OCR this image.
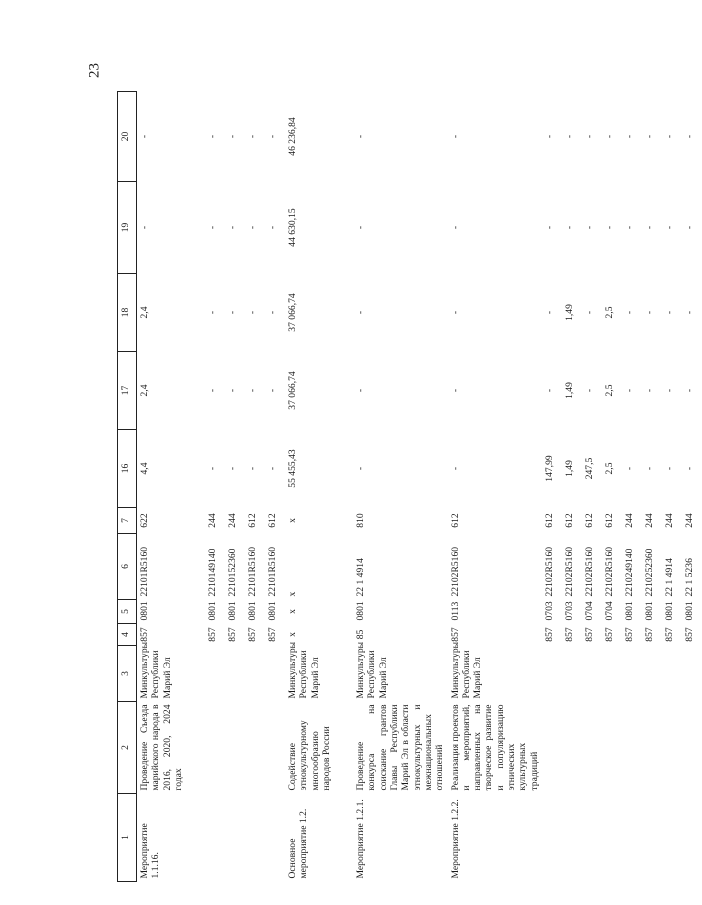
23
1	2	3	4	5	6	7	16	17	18	19	20
Мероприятие 1.1.16.	Проведение Съезда марийского народа в 2016, 2020, 2024 годах	Минкультуры Республики Марий Эл	857	0801	22101R5160	622	4,4	2,4	2,4	-	-
			857	0801	2210149140	244	-	-	-	-	-
			857	0801	2210152360	244	-	-	-	-	-
			857	0801	22101R5160	612	-	-	-	-	-
			857	0801	22101R5160	612	-	-	-	-	-
Основное мероприятие 1.2.	Содействие этнокультурному многообразию народов России	Минкультуры Республики Марий Эл	х	х	х	х	55 455,43	37 066,74	37 066,74	44 630,15	46 236,84
Мероприятие 1.2.1.	Проведение конкурса на соискание грантов Главы Республики Марий Эл в области этнокультурных и межнациональных отношений	Минкультуры Республики Марий Эл	85	0801	22 1 4914	810	-	-	-	-	-
Мероприятие 1.2.2.	Реализация проектов и мероприятий, направленных на творческое развитие и популяризацию этнических культурных традиций	Минкультуры Республики Марий Эл	857	0113	22102R5160	612	-	-	-	-	-
			857	0703	22102R5160	612	147,99	-	-	-	-
			857	0703	22102R5160	612	1,49	1,49	1,49	-	-
			857	0704	22102R5160	612	247,5	-	-	-	-
			857	0704	22102R5160	612	2,5	2,5	2,5	-	-
			857	0801	2210249140	244	-	-	-	-	-
			857	0801	2210252360	244	-	-	-	-	-
			857	0801	22 1 4914	244	-	-	-	-	-
			857	0801	22 1 5236	244	-	-	-	-	-
